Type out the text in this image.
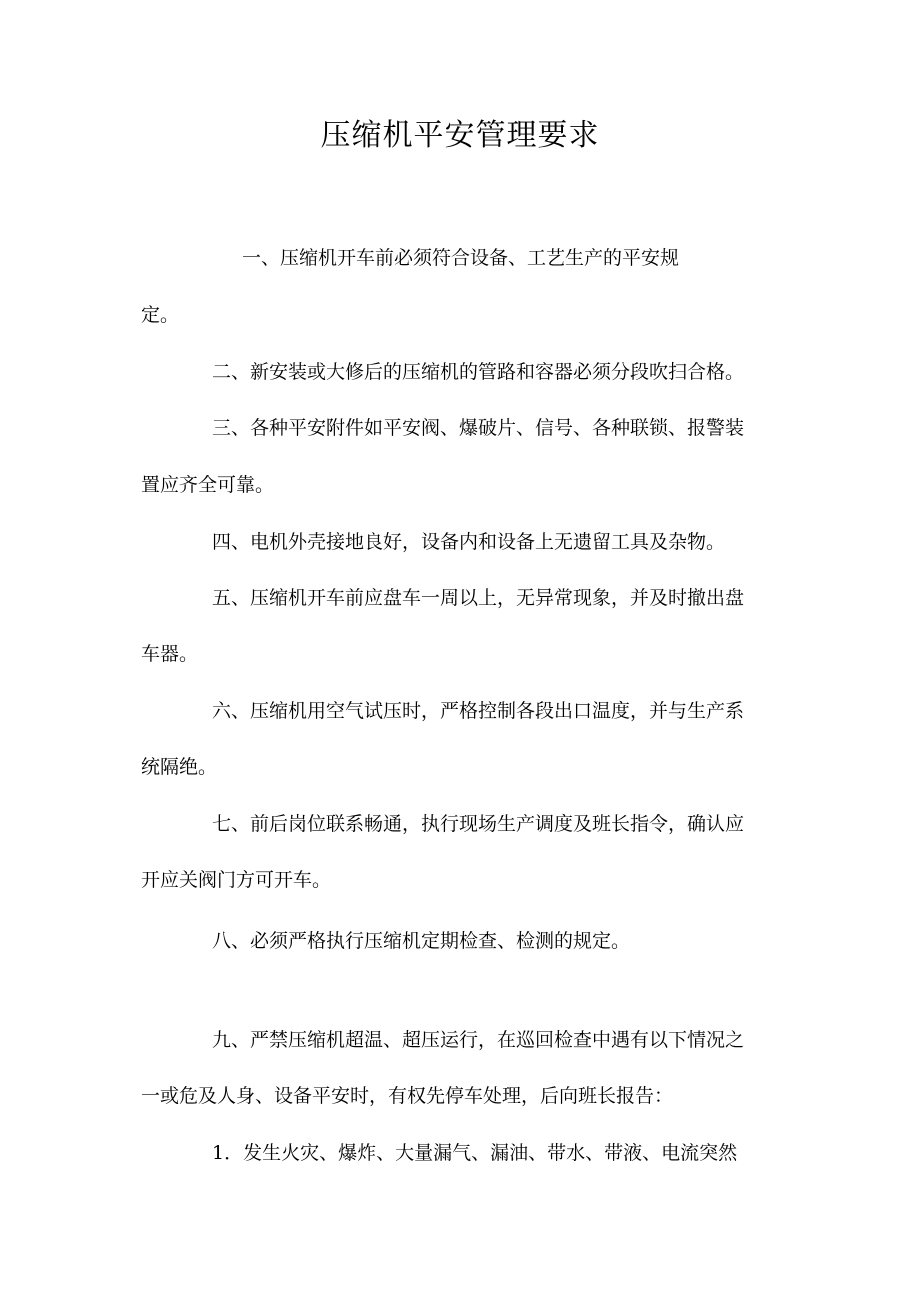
压缩机平安管理要求

一、压缩机开车前必须符合设备、工艺生产的平安规

定。

二、新安装或大修后的压缩机的管路和容器必须分段吹扫合格。

三、各种平安附件如平安阀、爆破片、信号、各种联锁、报警装

置应齐全可靠。

四、电机外壳接地良好，设备内和设备上无遗留工具及杂物。

五、压缩机开车前应盘车一周以上，无异常现象，并及时撤出盘

车器。

六、压缩机用空气试压时，严格控制各段出口温度，并与生产系

统隔绝。

七、前后岗位联系畅通，执行现场生产调度及班长指令，确认应

开应关阀门方可开车。

八、必须严格执行压缩机定期检查、检测的规定。

九、严禁压缩机超温、超压运行，在巡回检查中遇有以下情况之

一或危及人身、设备平安时，有权先停车处理，后向班长报告：

1．发生火灾、爆炸、大量漏气、漏油、带水、带液、电流突然
